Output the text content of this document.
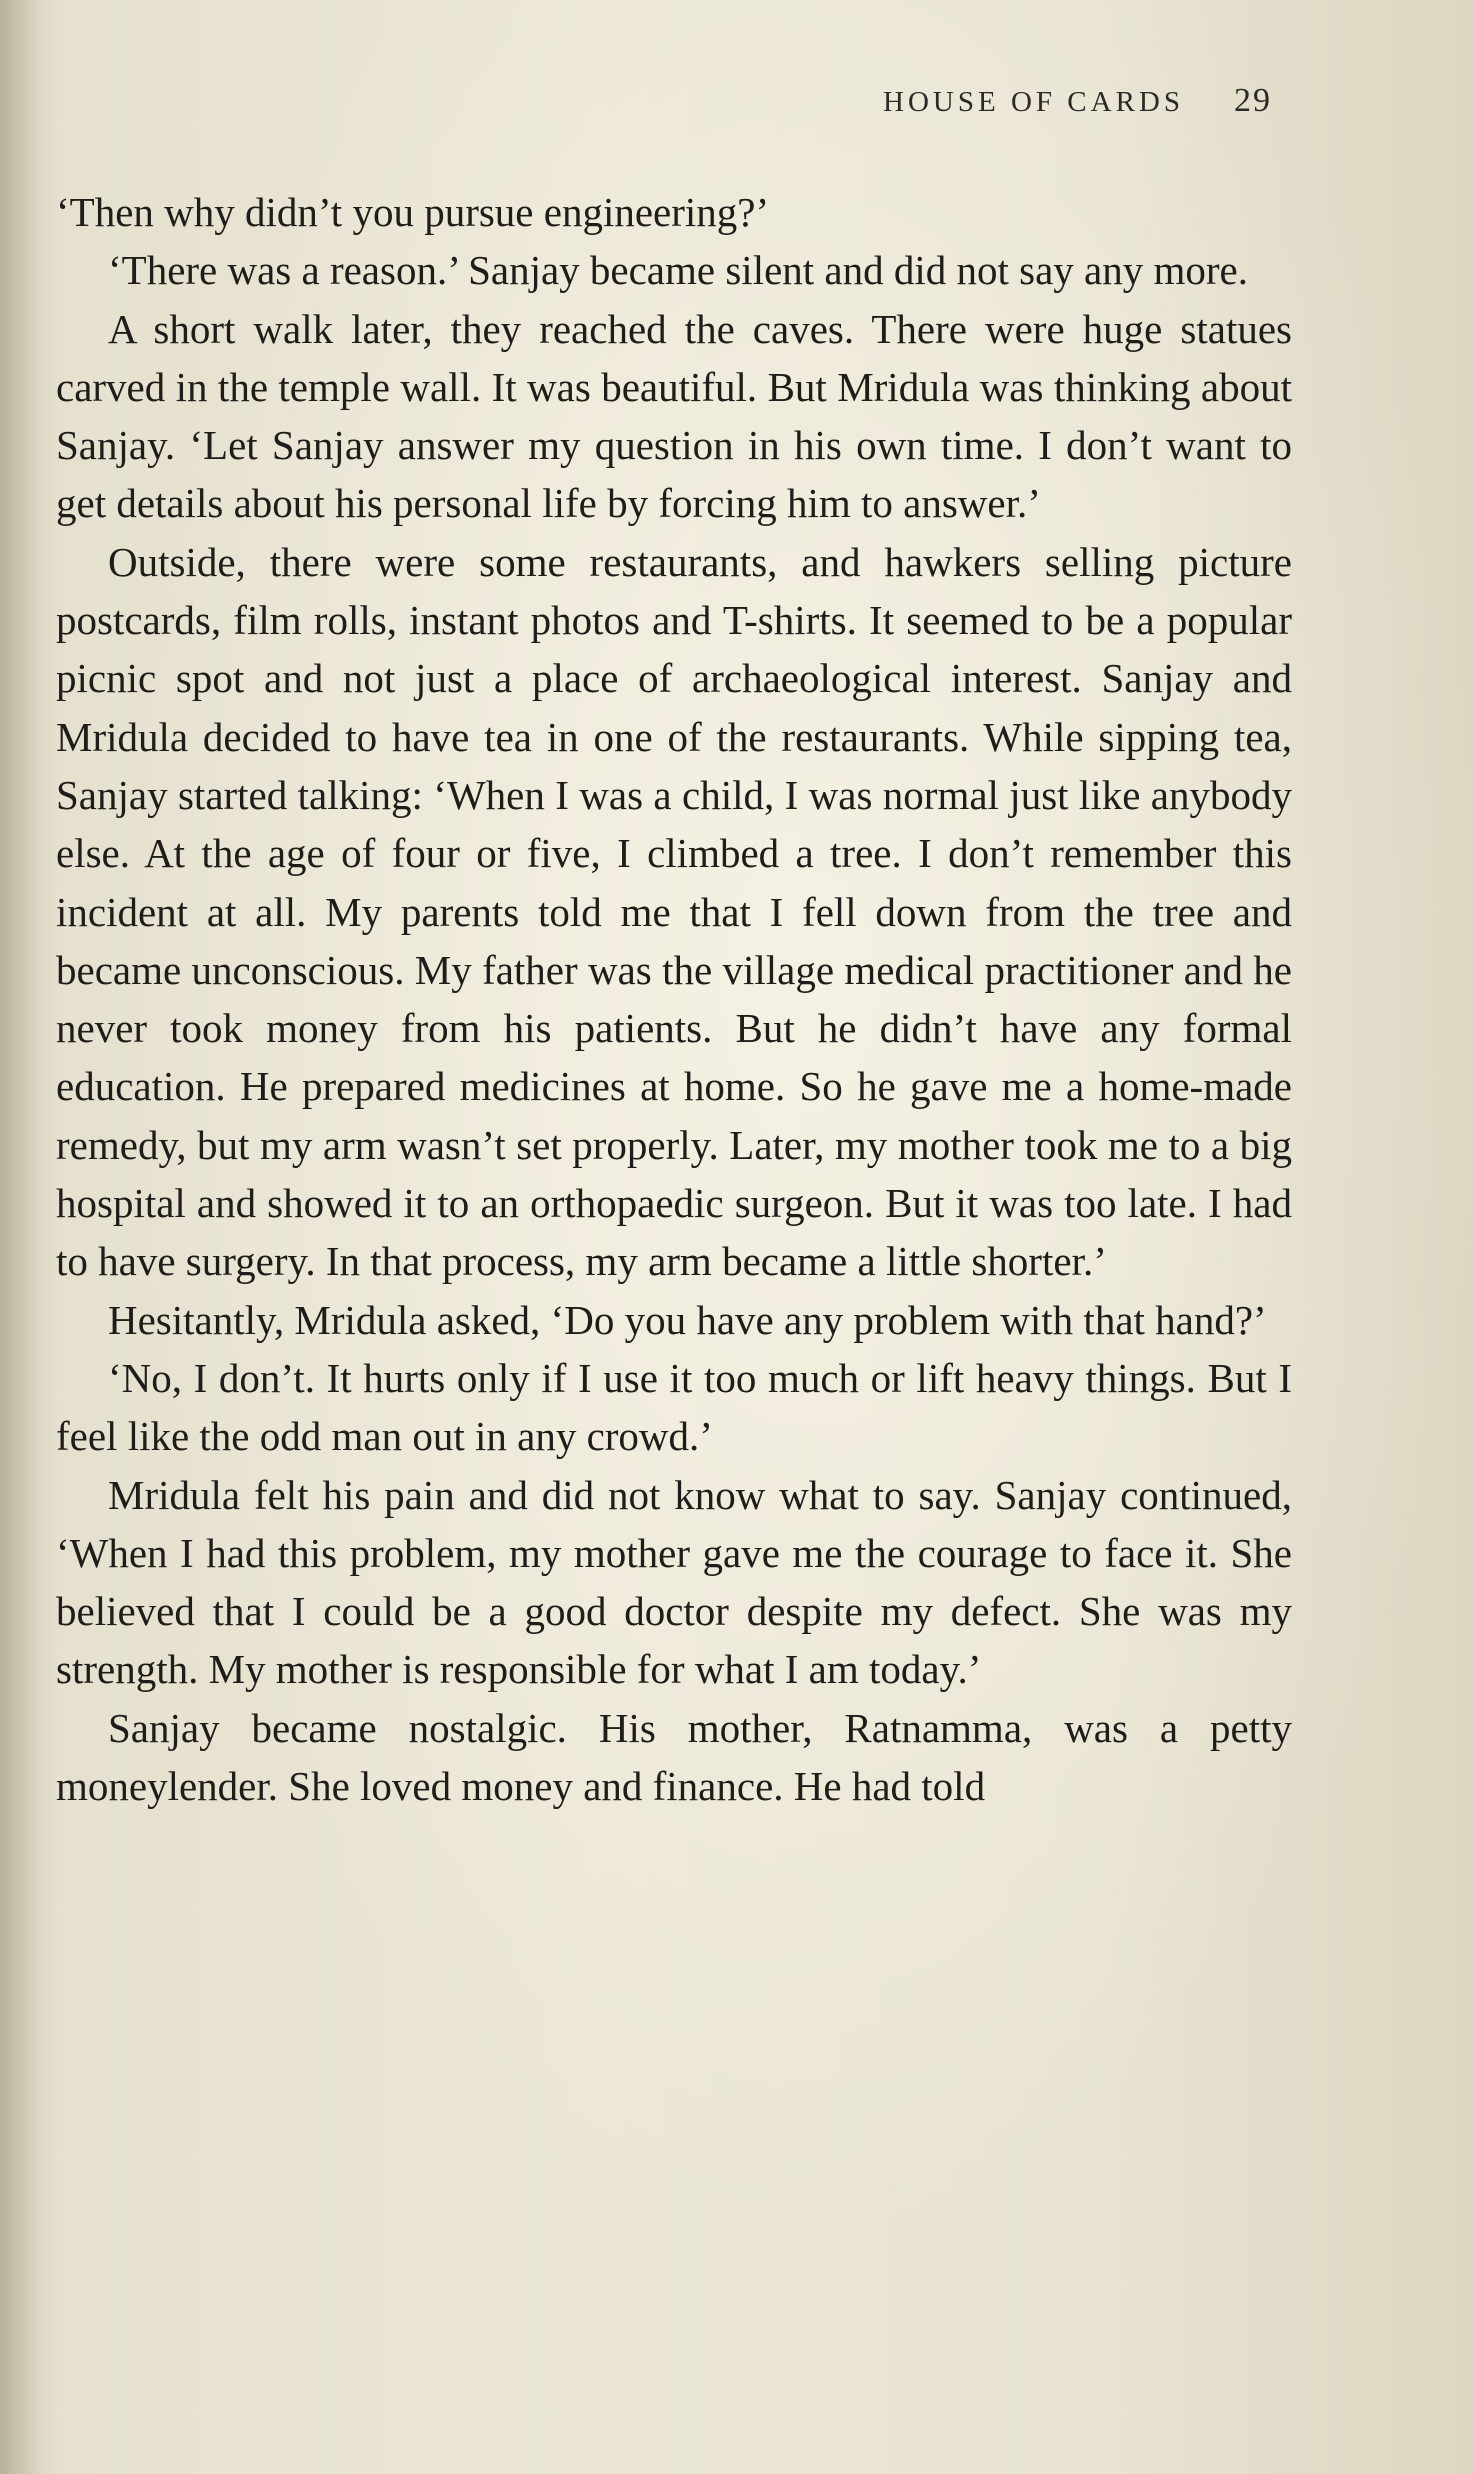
HOUSE OF CARDS 29

‘Then why didn’t you pursue engineering?’

‘There was a reason.’ Sanjay became silent and did not say any more.

A short walk later, they reached the caves. There were huge statues carved in the temple wall. It was beautiful. But Mridula was thinking about Sanjay. ‘Let Sanjay answer my question in his own time. I don’t want to get details about his personal life by forcing him to answer.’

Outside, there were some restaurants, and hawkers selling picture postcards, film rolls, instant photos and T-shirts. It seemed to be a popular picnic spot and not just a place of archaeological interest. Sanjay and Mridula decided to have tea in one of the restaurants. While sipping tea, Sanjay started talking: ‘When I was a child, I was normal just like anybody else. At the age of four or five, I climbed a tree. I don’t remember this incident at all. My parents told me that I fell down from the tree and became unconscious. My father was the village medical practitioner and he never took money from his patients. But he didn’t have any formal education. He prepared medicines at home. So he gave me a home-made remedy, but my arm wasn’t set properly. Later, my mother took me to a big hospital and showed it to an orthopaedic surgeon. But it was too late. I had to have surgery. In that process, my arm became a little shorter.’

Hesitantly, Mridula asked, ‘Do you have any problem with that hand?’

‘No, I don’t. It hurts only if I use it too much or lift heavy things. But I feel like the odd man out in any crowd.’

Mridula felt his pain and did not know what to say. Sanjay continued, ‘When I had this problem, my mother gave me the courage to face it. She believed that I could be a good doctor despite my defect. She was my strength. My mother is responsible for what I am today.’

Sanjay became nostalgic. His mother, Ratnamma, was a petty moneylender. She loved money and finance. He had told
